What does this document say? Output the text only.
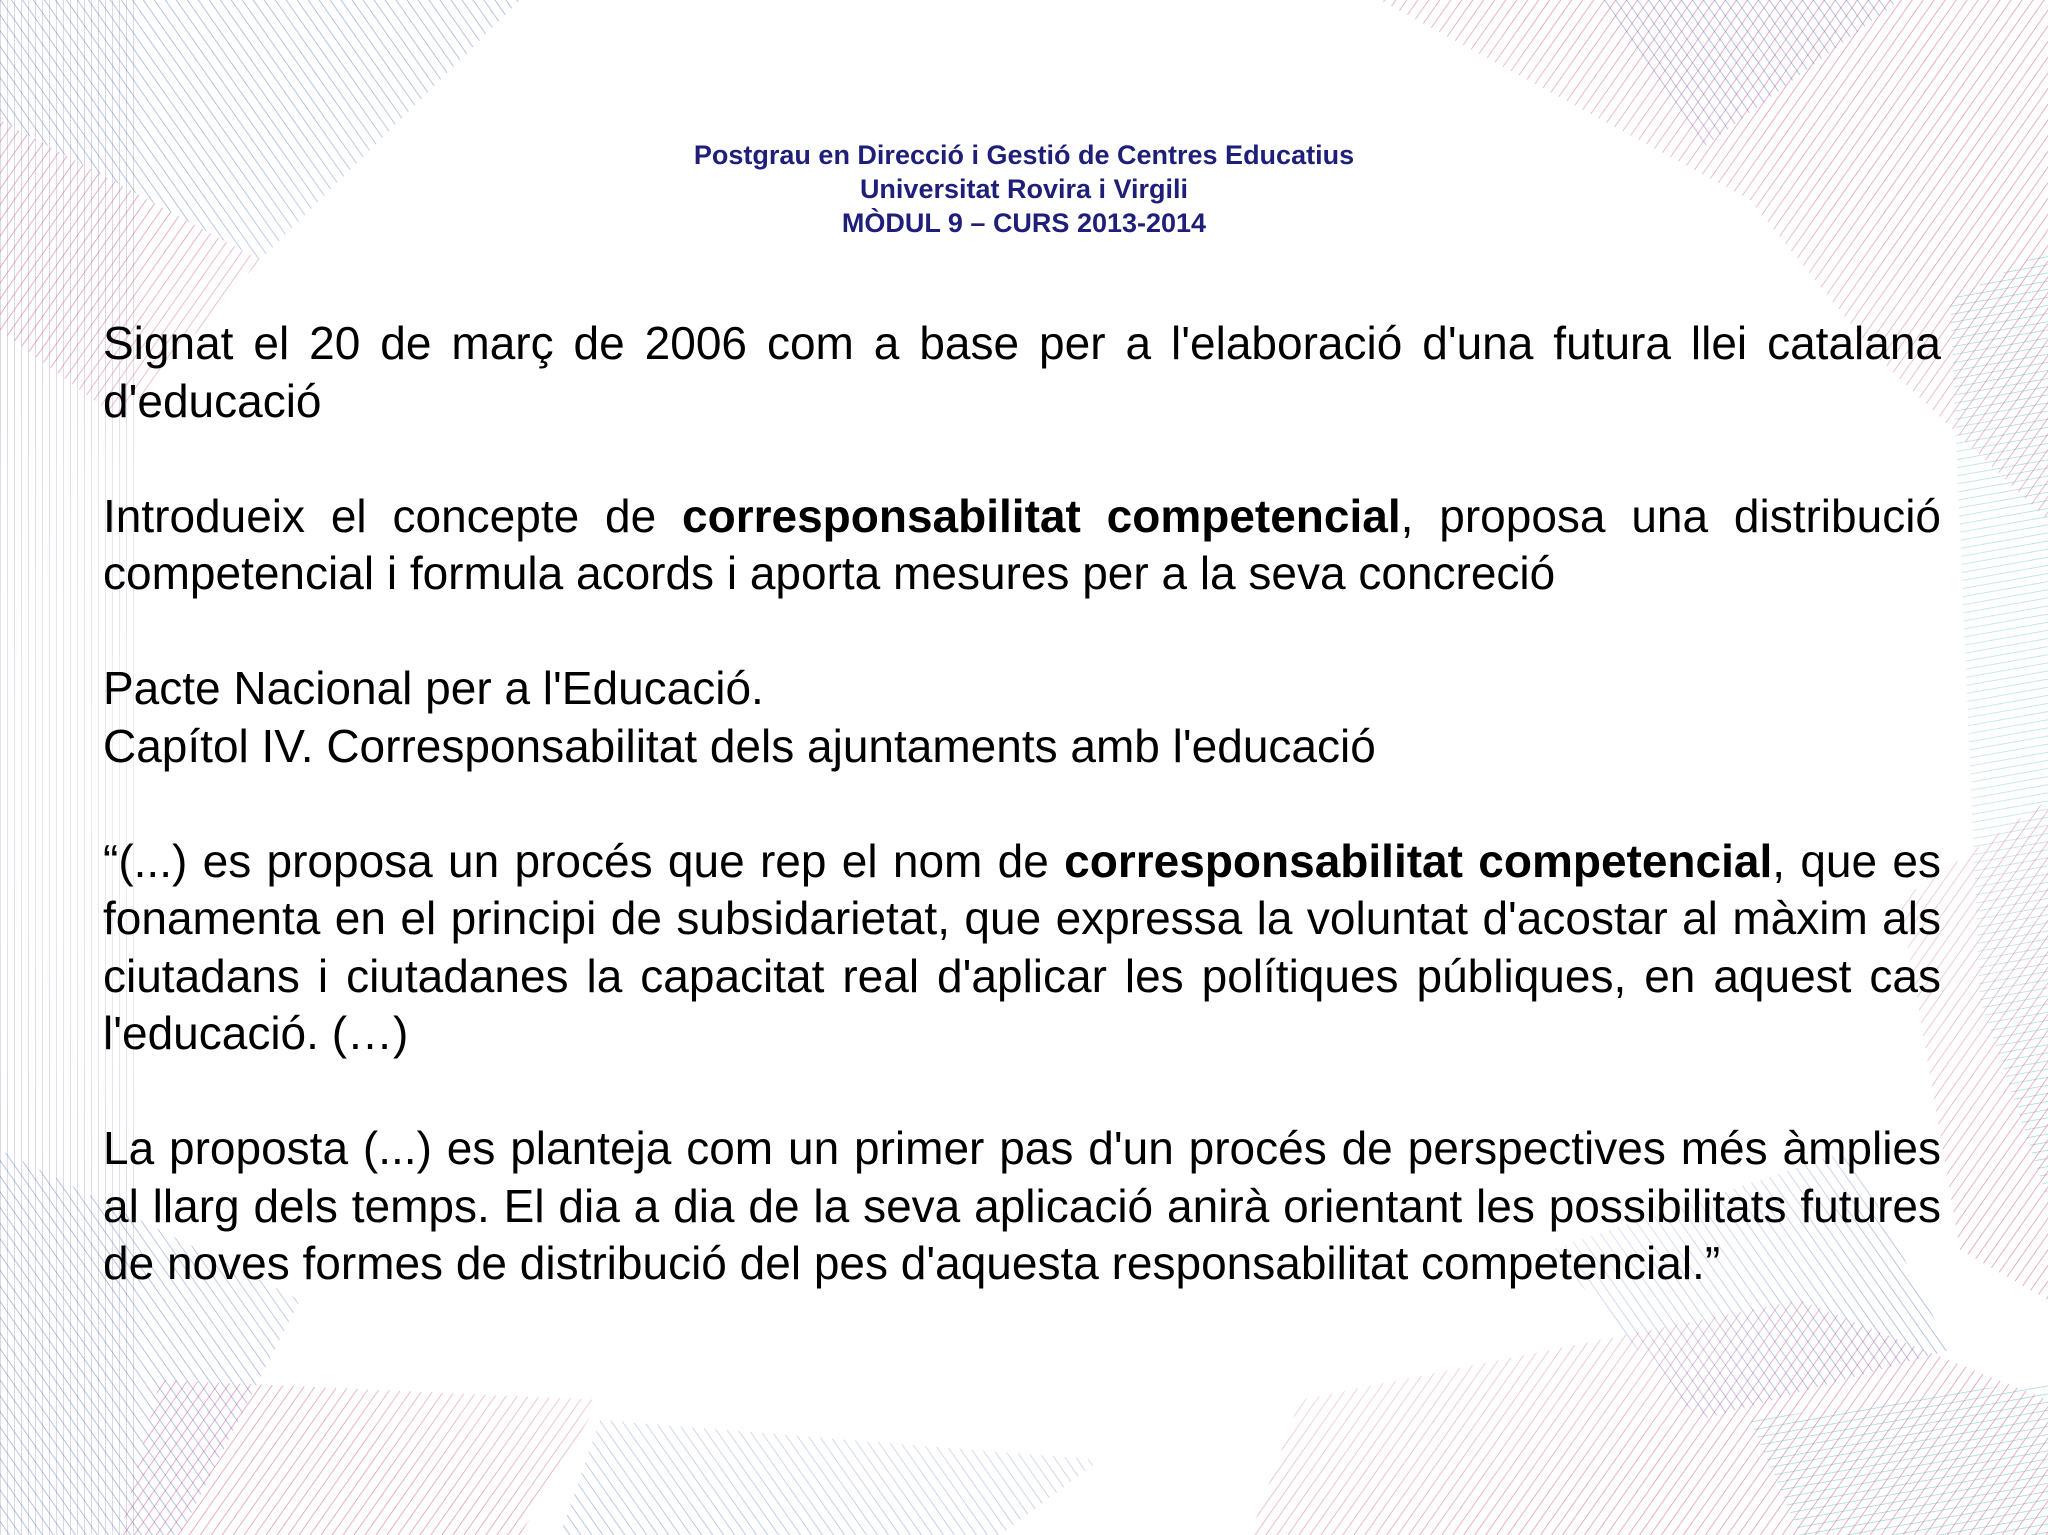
Postgrau en Direcció i Gestió de Centres Educatius
Universitat Rovira i Virgili
MÒDUL 9 – CURS 2013-2014

Signat el 20 de març de 2006 com a base per a l'elaboració d'una futura llei catalana d'educació

Introdueix el concepte de corresponsabilitat competencial, proposa una distribució competencial i formula acords i aporta mesures per a la seva concreció

Pacte Nacional per a l'Educació.
Capítol IV. Corresponsabilitat dels ajuntaments amb l'educació

“(...) es proposa un procés que rep el nom de corresponsabilitat competencial, que es fonamenta en el principi de subsidarietat, que expressa la voluntat d'acostar al màxim als ciutadans i ciutadanes la capacitat real d'aplicar les polítiques públiques, en aquest cas l'educació. (…)

La proposta (...) es planteja com un primer pas d'un procés de perspectives més àmplies al llarg dels temps. El dia a dia de la seva aplicació anirà orientant les possibilitats futures de noves formes de distribució del pes d'aquesta responsabilitat competencial.”
